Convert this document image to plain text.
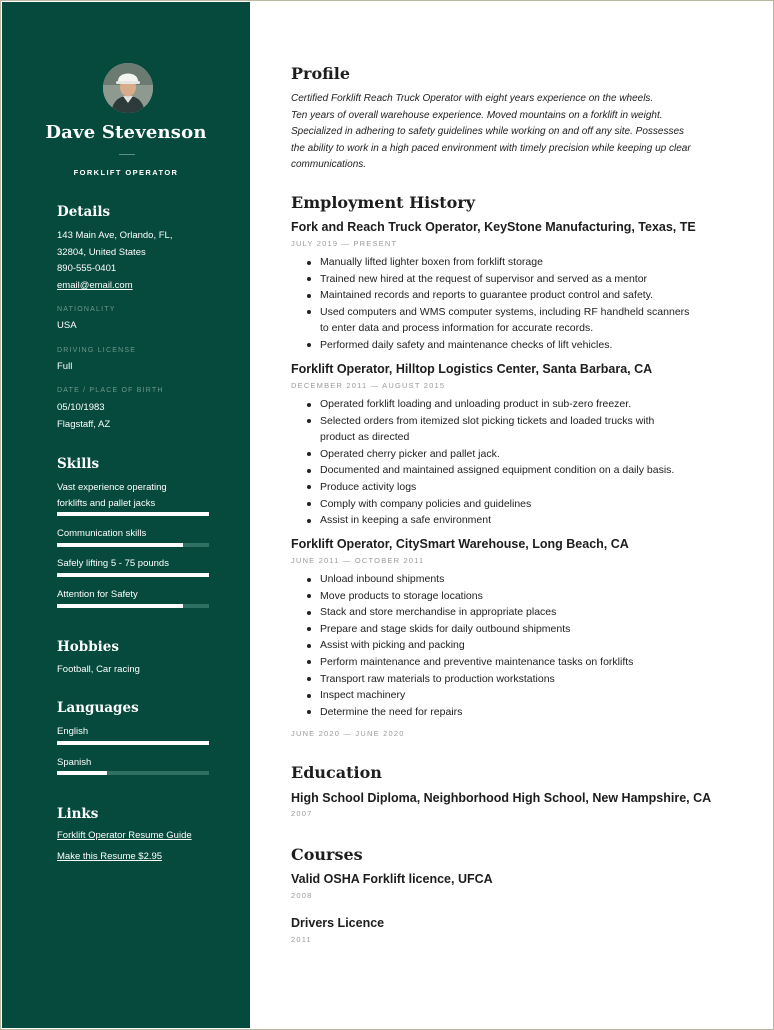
Dave Stevenson
FORKLIFT OPERATOR
Details
143 Main Ave, Orlando, FL,
32804, United States
890-555-0401
email@email.com
NATIONALITY
USA
DRIVING LICENSE
Full
DATE / PLACE OF BIRTH
05/10/1983
Flagstaff, AZ
Skills
Vast experience operating
forklifts and pallet jacks
Communication skills
Safely lifting 5 - 75 pounds
Attention for Safety
Hobbies
Football, Car racing
Languages
English
Spanish
Links
Forklift Operator Resume Guide
Make this Resume $2.95
Profile
Certified Forklift Reach Truck Operator with eight years experience on the wheels.
Ten years of overall warehouse experience. Moved mountains on a forklift in weight.
Specialized in adhering to safety guidelines while working on and off any site. Possesses
the ability to work in a high paced environment with timely precision while keeping up clear
communications.
Employment History
Fork and Reach Truck Operator, KeyStone Manufacturing, Texas, TE
JULY 2019 — PRESENT
Manually lifted lighter boxen from forklift storage
Trained new hired at the request of supervisor and served as a mentor
Maintained records and reports to guarantee product control and safety.
Used computers and WMS computer systems, including RF handheld scanners
to enter data and process information for accurate records.
Performed daily safety and maintenance checks of lift vehicles.
Forklift Operator, Hilltop Logistics Center, Santa Barbara, CA
DECEMBER 2011 — AUGUST 2015
Operated forklift loading and unloading product in sub-zero freezer.
Selected orders from itemized slot picking tickets and loaded trucks with
product as directed
Operated cherry picker and pallet jack.
Documented and maintained assigned equipment condition on a daily basis.
Produce activity logs
Comply with company policies and guidelines
Assist in keeping a safe environment
Forklift Operator, CitySmart Warehouse, Long Beach, CA
JUNE 2011 — OCTOBER 2011
Unload inbound shipments
Move products to storage locations
Stack and store merchandise in appropriate places
Prepare and stage skids for daily outbound shipments
Assist with picking and packing
Perform maintenance and preventive maintenance tasks on forklifts
Transport raw materials to production workstations
Inspect machinery
Determine the need for repairs
JUNE 2020 — JUNE 2020
Education
High School Diploma, Neighborhood High School, New Hampshire, CA
2007
Courses
Valid OSHA Forklift licence, UFCA
2008
Drivers Licence
2011
